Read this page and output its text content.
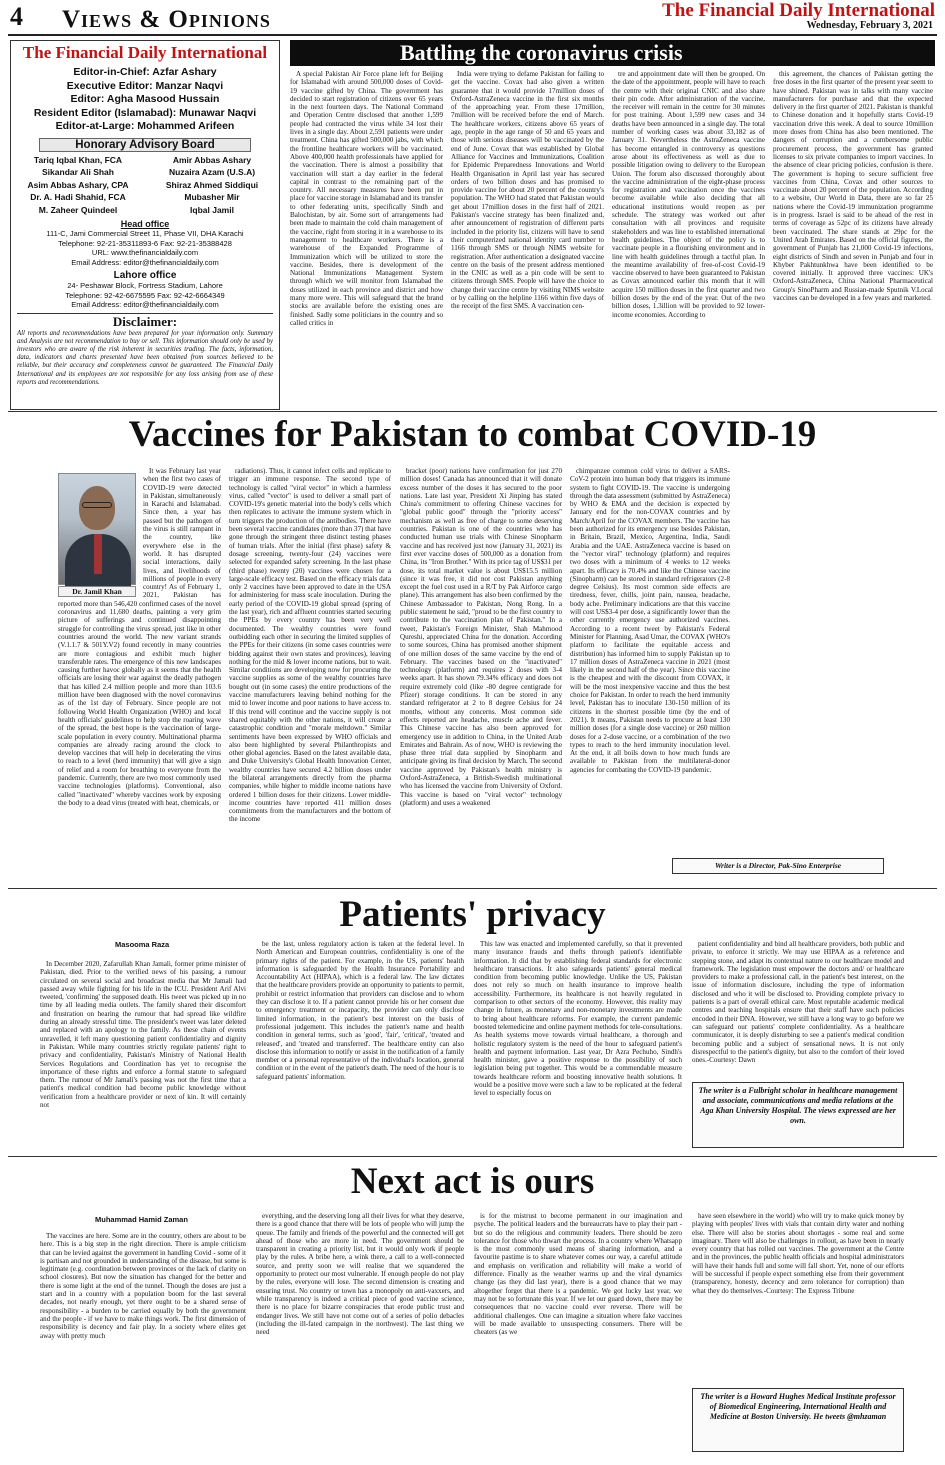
4 Views & Opinions	The Financial Daily International
Wednesday, February 3, 2021
The Financial Daily International
Editor-in-Chief: Azfar Ashary
Executive Editor: Manzar Naqvi
Editor: Agha Masood Hussain
Resident Editor (Islamabad): Munawar Naqvi
Editor-at-Large: Mohammed Arifeen
Honorary Advisory Board
Tariq Iqbal Khan, FCA	Amir Abbas Ashary
Sikandar Ali Shah	Nuzaira Azam (U.S.A)
Asim Abbas Ashary, CPA	Shiraz Ahmed Siddiqui
Dr. A. Hadi Shahid, FCA	Mubasher Mir
M. Zaheer Quindeel	Iqbal Jamil
Head office
111-C, Jami Commercial Street 11, Phase VII, DHA Karachi
Telephone: 92-21-35311893-6 Fax: 92-21-35388428
URL: www.thefinancialdaily.com
Email Address: editor@thefinancialdaily.com
Lahore office
24- Peshawar Block, Fortress Stadium, Lahore
Telephone: 92-42-6675595 Fax: 92-42-6664349
Email Address: editor@thefinancialdaily.com
Disclaimer:
All reports and recommendations have been prepared for your information only. Summary and Analysis are not recommendation to buy or sell. This information should only be used by investors who are aware of the risk inherent in securities trading. The facts, information, data, indicators and charts presented have been obtained from sources believed to be reliable, but their accuracy and completeness cannot be guaranteed. The Financial Daily International and its employees are not responsible for any loss arising from use of these reports and recommendations.
Battling the coronavirus crisis

A special Pakistan Air Force plane left for Beijing for Islamabad with around 500,000 doses of Covid-19 vaccine gifted by China. The government has decided to start registration of citizens over 65 years in the next fourteen days. The National Command and Operation Centre disclosed that another 1,599 people had contracted the virus while 34 lost their lives in a single day. About 2,591 patients were under treatment. China has gifted 500,000 jabs, with which the frontline healthcare workers will be vaccinated. Above 400,000 health professionals have applied for the vaccination. There is almost a possibility that vaccination will start a day earlier in the federal capital in contrast to the remaining part of the country. All necessary measures have been put in place for vaccine storage in Islamabad and its transfer to other federating units, specifically Sindh and Balochistan, by air. Some sort of arrangements had been made to maintain the cold chain management of the vaccine, right from storing it in a warehouse to its management to healthcare workers. There is a warehouse of the Expanded Programme of Immunization which will be utilized to store the vaccine. Besides, there is development of the National Immunizations Management System through which we will monitor from Islamabad the doses utilized in each province and district and how many more were. This will safeguard that the brand stocks are available before the existing ones are finished. Sadly some politicians in the country and so called critics in

India were trying to defame Pakistan for failing to get the vaccine. Covax had also given a written guarantee that it would provide 17million doses of Oxford-AstraZeneca vaccine in the first six months of the approaching year. From these 17million, 7million will be received before the end of March. The healthcare workers, citizens above 65 years of age, people in the age range of 50 and 65 years and those with serious diseases will be vaccinated by the end of June. Covax that was established by Global Alliance for Vaccines and Immunizations, Coalition for Epidemic Preparedness Innovations and World Health Organisation in April last year has secured orders of two billion doses and has promised to provide vaccine for about 20 percent of the country's population. The WHO had stated that Pakistan would get about 17million doses in the first half of 2021. Pakistan's vaccine strategy has been finalized and, after announcement of registration of different parts included in the priority list, citizens will have to send their computerized national identity card number to 1166 through SMS or through NIMS website for registration. After authentication a designated vaccine centre on the basis of the present address mentioned in the CNIC as well as a pin code will be sent to citizens through SMS. People will have the choice to change their vaccine centre by visiting NIMS website or by calling on the helpline 1166 within five days of the receipt of the first SMS. A vaccination cen-

tre and appointment date will then be grouped. On the date of the appointment, people will have to reach the centre with their original CNIC and also share their pin code. After administration of the vaccine, the receiver will remain in the centre for 30 minutes for post training. About 1,599 new cases and 34 deaths have been announced in a single day. The total number of working cases was about 33,182 as of January 31. Nevertheless the AstraZeneca vaccine has become entangled in controversy as questions arose about its effectiveness as well as due to possible litigation owing to delivery to the European Union. The forum also discussed thoroughly about the vaccine administration of the eight-phase process for registration and vaccination once the vaccines become available while also deciding that all educational institutions would reopen as per schedule. The strategy was worked out after consultation with all provinces and requisite stakeholders and was line to established international health guidelines. The object of the policy is to vaccinate people in a flourishing environment and in line with health guidelines through a tactful plan. In the meantime availability of free-of-cost Covid-19 vaccine observed to have been guaranteed to Pakistan as Covax announced earlier this month that it will acquire 150 million doses in the first quarter and two billion doses by the end of the year. Out of the two billion doses, 1.3illion will be provided to 92 lower-income economies. According to

this agreement, the chances of Pakistan getting the free doses in the first quarter of the present year seem to have shined. Pakistan was in talks with many vaccine manufacturers for purchase and that the expected delivery in the first quarter of 2021. Pakistan is thankful to Chinese donation and it hopefully starts Covid-19 vaccination drive this week. A deal to source 10million more doses from China has also been mentioned. The dangers of corruption and a cumbersome public procurement process, the government has granted licenses to six private companies to import vaccines. In the absence of clear pricing policies, confusion is there. The government is hoping to secure sufficient free vaccines from China, Covax and other sources to vaccinate about 20 percent of the population. According to a website, Our World in Data, there are so far 25 nations where the Covid-19 immunization programme is in progress. Israel is said to be ahead of the rest in terms of coverage as 52pc of its citizens have already been vaccinated. The share stands at 29pc for the United Arab Emirates. Based on the official figures, the government of Punjab has 21,000 Covid-19 infections, eight districts of Sindh and seven in Punjab and four in Khyber Pakhtunkhwa have been identified to be covered initially. It approved three vaccines: UK's Oxford-AstraZeneca, China National Pharmaceutical Group's SinoPharm and Russian-made Sputnik V.Local vaccines can be developed in a few years and marketed.

Vaccines for Pakistan to combat COVID-19
Dr. Jamil Khan

It was February last year when the first two cases of COVID-19 were detected in Pakistan, simultaneously in Karachi and Islamabad. Since then, a year has passed but the pathogen of the virus is still rampant in the country, like everywhere else in the world. It has disrupted social interactions, daily lives, and livelihoods of millions of people in every country! As of February 1, 2021, Pakistan has reported more than 546,420 confirmed cases of the novel coronavirus and 11,680 deaths, painting a very grim picture of sufferings and continued disappointing struggle for controlling the virus spread, just like in other countries around the world. The new variant strands (V.1.1.7 & 501Y.V2) found recently in many countries are more contagious and exhibit much higher transferable rates. The emergence of this new landscapes causing further havoc globally as it seems that the health officials are losing their war against the deadly pathogen that has killed 2.4 million people and more than 103.6 million have been diagnosed with the novel coronavirus as of the 1st day of February. Since people are not following World Health Organization (WHO) and local health officials' guidelines to help stop the roaring wave of the spread, the best hope is the vaccination of large-scale population in every country. Multinational pharma companies are already racing around the clock to develop vaccines that will help in decelerating the virus to reach to a level (herd immunity) that will give a sign of relief and a room for breathing to everyone from the pandemic. Currently, there are two most commonly used vaccine technologies (platforms). Conventional, also called "inactivated" whereby vaccines work by exposing the body to a dead virus (treated with heat, chemicals, or

radiations). Thus, it cannot infect cells and replicate to trigger an immune response. The second type of technology is called "viral vector" in which a harmless virus, called "vector" is used to deliver a small part of COVID-19's genetic material into the body's cells which then replicates to activate the immune system which in turn triggers the production of the antibodies. There have been several vaccine candidates (more than 37) that have gone through the stringent three distinct testing phases of human trials. After the initial (first phase) safety & dosage screening, twenty-four (24) vaccines were selected for expanded safety screening. In the last phase (third phase) twenty (20) vaccines were chosen for a large-scale efficacy test. Based on the efficacy trials data only 2 vaccines have been approved to date in the USA for administering for mass scale inoculation. During the early period of the COVID-19 global spread (spring of the last year), rich and affluent countries started securing the PPEs by every country has been very well documented. The wealthy countries were found outbidding each other in securing the limited supplies of the PPEs for their citizens (in some cases countries were bidding against their own states and provinces), leaving nothing for the mid & lower income nations, but to wait. Similar conditions are developing now for procuring the vaccine supplies as some of the wealthy countries have bought out (in some cases) the entire productions of the vaccine manufacturers leaving behind nothing for the mid to lower income and poor nations to have access to. If this trend will continue and the vaccine supply is not shared equitably with the other nations, it will create a catastrophic condition and "morale meltdown." Similar sentiments have been expressed by WHO officials and also been highlighted by several Philanthropists and other global agencies. Based on the latest available data, and Duke University's Global Health Innovation Center, wealthy countries have secured 4.2 billion doses under the bilateral arrangements directly from the pharma companies, while higher to middle income nations have ordered 1 billion doses for their citizens. Lower middle-income countries have reported 411 million doses commitments from the manufacturers and the bottom of the income

bracket (poor) nations have confirmation for just 270 million doses! Canada has announced that it will donate excess number of the doses it has secured to the poor nations. Late last year, President Xi Jinping has stated China's commitment to offering Chinese vaccines for "global public good" through the "priority access" mechanism as well as free of charge to some deserving countries. Pakistan is one of the countries who has conducted human use trials with Chinese Sinopharm vaccine and has received just now (January 31, 2021) its first ever vaccine doses of 500,000 as a donation from China, its "Iron Brother." With its price tag of US$31 per dose, its total market value is about US$15.5 million (since it was free, it did not cost Pakistan anything except the fuel cost used in a R/T by Pak Airforce cargo plane). This arrangement has also been confirmed by the Chinese Ambassador to Pakistan, Nong Rong. In a public statement he said, "proud to be the first country to contribute to the vaccination plan of Pakistan." In a tweet, Pakistan's Foreign Minister, Shah Mahmood Qureshi, appreciated China for the donation. According to some sources, China has promised another shipment of one million doses of the same vaccine by the end of February. The vaccines based on the "inactivated" technology (platform) and requires 2 doses with 3-4 weeks apart. It has shown 79.34% efficacy and does not require extremely cold (like -80 degree centigrade for Pfizer) storage conditions. It can be stored in any standard refrigerator at 2 to 8 degree Celsius for 24 months, without any concerns. Most common side effects reported are headache, muscle ache and fever. This Chinese vaccine has also been approved for emergency use in addition to China, in the United Arab Emirates and Bahrain. As of now, WHO is reviewing the phase three trial data supplied by Sinopharm and anticipate giving its final decision by March. The second vaccine approved by Pakistan's health ministry is Oxford-AstraZeneca, a British-Swedish multinational who has licensed the vaccine from University of Oxford. This vaccine is based on "viral vector" technology (platform) and uses a weakened

chimpanzee common cold virus to deliver a SARS-CoV-2 protein into human body that triggers its immune system to fight COVID-19. The vaccine is undergoing through the data assessment (submitted by AstraZeneca) by WHO & EMA and the decision is expected by January end for the non-COVAX countries and by March/April for the COVAX members. The vaccine has been authorized for its emergency use besides Pakistan, in Britain, Brazil, Mexico, Argentina, India, Saudi Arabia and the UAE. AstraZeneca vaccine is based on the "vector viral" technology (platform) and requires two doses with a minimum of 4 weeks to 12 weeks apart. Its efficacy is 70.4% and like the Chinese vaccine (Sinopharm) can be stored in standard refrigerators (2-8 degree Celsius). Its most common side effects are tiredness, fever, chills, joint pain, nausea, headache, body ache. Preliminary indications are that this vaccine will cost US$3-4 per dose, a significantly lower than the other currently emergency use authorized vaccines. According to a recent tweet by Pakistan's Federal Minister for Planning, Asad Umar, the COVAX (WHO's platform to facilitate the equitable access and distribution) has informed him to supply Pakistan up to 17 million doses of AstraZeneca vaccine in 2021 (most likely in the second half of the year). Since this vaccine is the cheapest and with the discount from COVAX, it will be the most inexpensive vaccine and thus the best choice for Pakistan. In order to reach the herd immunity level, Pakistan has to inoculate 130-150 million of its citizens in the shortest possible time (by the end of 2021). It means, Pakistan needs to procure at least 130 million doses (for a single dose vaccine) or 260 million doses for a 2-dose vaccine, or a combination of the two types to reach to the herd immunity inoculation level. At the end, it all boils down to how much funds are available to Pakistan from the multilateral-donor agencies for combating the COVID-19 pandemic.

Writer is a Director, Pak-Sino Enterprise
Patients' privacy
Masooma Raza

In December 2020, Zafarullah Khan Jamali, former prime minister of Pakistan, died. Prior to the verified news of his passing, a rumour circulated on several social and broadcast media that Mr Jamali had passed away while fighting for his life in the ICU. President Arif Alvi tweeted, 'confirming' the supposed death. His tweet was picked up in no time by all leading media outlets. The family shared their discomfort and frustration on hearing the rumour that had spread like wildfire during an already stressful time. The president's tweet was later deleted and replaced with an apology to the family. As these chain of events unravelled, it left many questioning patient confidentiality and dignity in Pakistan. While many countries strictly regulate patients' right to privacy and confidentiality, Pakistan's Ministry of National Health Services Regulations and Coordination has yet to recognise the importance of these rights and enforce a formal statute to safeguard them. The rumour of Mr Jamali's passing was not the first time that a patient's medical condition had become public knowledge without verification from a healthcare provider or next of kin. It will certainly not

be the last, unless regulatory action is taken at the federal level. In North American and European countries, confidentiality is one of the primary rights of the patient. For example, in the US, patients' health information is safeguarded by the Health Insurance Portability and Accountability Act (HIPAA), which is a federal law. The law dictates that the healthcare providers provide an opportunity to patients to permit, prohibit or restrict information that providers can disclose and to whom they can disclose it to. If a patient cannot provide his or her consent due to emergency treatment or incapacity, the provider can only disclose limited information, in the patient's best interest on the basis of professional judgement. This includes the patient's name and health condition in general terms, such as 'good', 'fair', 'critical', 'treated and released', and 'treated and transferred'. The healthcare entity can also disclose this information to notify or assist in the notification of a family member or a personal representative of the individual's location, general condition or in the event of the patient's death. The need of the hour is to safeguard patients' information.

This law was enacted and implemented carefully, so that it prevented many insurance frauds and thefts through patient's identifiable information. It did that by establishing federal standards for electronic healthcare transactions. It also safeguards patients' general medical condition from becoming public knowledge. Unlike the US, Pakistan does not rely so much on health insurance to improve health accessibility. Furthermore, its healthcare is not heavily regulated in comparison to other sectors of the economy. However, this reality may change in future, as monetary and non-monetary investments are made to bring about healthcare reforms. For example, the current pandemic boosted telemedicine and online payment methods for tele-consultations. As health systems move towards virtual healthcare, a thorough and holistic regulatory system is the need of the hour to safeguard patient's health and payment information. Last year, Dr Azra Pechuho, Sindh's health minister, gave a positive response to the possibility of such legislation being put together. This would be a commendable measure towards healthcare reform and boosting innovative health solutions. It would be a positive move were such a law to be replicated at the federal level to especially focus on

patient confidentiality and bind all healthcare providers, both public and private, to enforce it strictly. We may use HIPAA as a reference and stepping stone, and adapt its contextual nature to our healthcare model and framework. The legislation must empower the doctors and/ or healthcare providers to make a professional call, in the patient's best interest, on the issue of information disclosure, including the type of information disclosed and who it will be disclosed to. Providing complete privacy to patients is a part of overall ethical care. Most reputable academic medical centres and teaching hospitals ensure that their staff have such policies encoded in their DNA. However, we still have a long way to go before we can safeguard our patients' complete confidentiality. As a healthcare communicator, it is deeply disturbing to see a patient's medical condition becoming public and a subject of sensational news. It is not only disrespectful to the patient's dignity, but also to the comfort of their loved ones.-Courtesy: Dawn

The writer is a Fulbright scholar in healthcare management and associate, communications and media relations at the Aga Khan University Hospital. The views expressed are her own.
Next act is ours
Muhammad Hamid Zaman

The vaccines are here. Some are in the country, others are about to be here. This is a big step in the right direction. There is ample criticism that can be levied against the government in handling Covid - some of it is partisan and not grounded in understanding of the disease, but some is legitimate (e.g. coordination between provinces or the lack of clarity on school closures). But now the situation has changed for the better and there is some light at the end of the tunnel. Though the doses are just a start and in a country with a population boom for the last several decades, not nearly enough, yet there ought to be a shared sense of responsibility - a burden to be carried equally by both the government and the people - if we have to make things work. The first dimension of responsibility is decency and fair play. In a society where elites get away with pretty much

everything, and the deserving long all their lives for what they deserve, there is a good chance that there will be lots of people who will jump the queue. The family and friends of the powerful and the connected will get ahead of those who are more in need. The government should be transparent in creating a priority list, but it would only work if people play by the rules. A bribe here, a wink there, a call to a well-connected source, and pretty soon we will realise that we squandered the opportunity to protect our most vulnerable. If enough people do not play by the rules, everyone will lose. The second dimension is creating and ensuring trust. No country or town has a monopoly on anti-vaxxers, and while transparency is indeed a critical piece of good vaccine science, there is no place for bizarre conspiracies that erode public trust and endanger lives. We still have not come out of a series of polio debacles (including the ill-fated campaign in the northwest). The last thing we need

is for the mistrust to become permanent in our imagination and psyche. The political leaders and the bureaucrats have to play their part - but so do the religious and community leaders. There should be zero tolerance for those who thwart the process. In a country where Whatsapp is the most commonly used means of sharing information, and a favourite pastime is to share whatever comes our way, a careful attitude and emphasis on verification and reliability will make a world of difference. Finally as the weather warms up and the viral dynamics change (as they did last year), there is a good chance that we may altogether forget that there is a pandemic. We got lucky last year, we may not be so fortunate this year. If we let our guard down, there may be consequences that no vaccine could ever reverse. There will be additional challenges. One can imagine a situation where fake vaccines will be made available to unsuspecting consumers. There will be cheaters (as we

have seen elsewhere in the world) who will try to make quick money by playing with peoples' lives with vials that contain dirty water and nothing else. There will also be stories about shortages - some real and some imaginary. There will also be challenges in rollout, as have been in nearly every country that has rolled out vaccines. The government at the Centre and in the provinces, the public health officials and hospital administrators will have their hands full and some will fall short. Yet, none of our efforts will be successful if people expect something else from their government (transparency, honesty, decency and zero tolerance for corruption) than what they do themselves.-Courtesy: The Express Tribune

The writer is a Howard Hughes Medical Institute professor of Biomedical Engineering, International Health and Medicine at Boston University. He tweets @mhzaman
